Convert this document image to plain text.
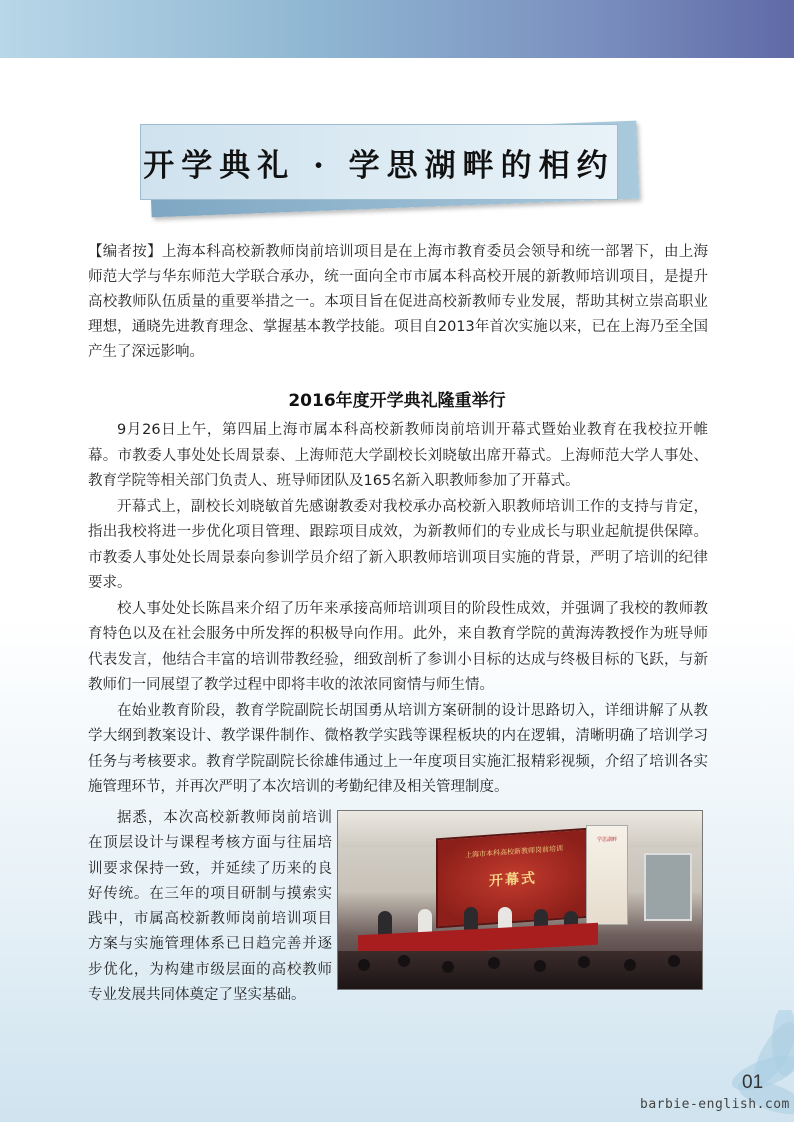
开学典礼 · 学思湖畔的相约

【编者按】上海本科高校新教师岗前培训项目是在上海市教育委员会领导和统一部署下，由上海师范大学与华东师范大学联合承办，统一面向全市市属本科高校开展的新教师培训项目，是提升高校教师队伍质量的重要举措之一。本项目旨在促进高校新教师专业发展，帮助其树立崇高职业理想，通晓先进教育理念、掌握基本教学技能。项目自2013年首次实施以来，已在上海乃至全国产生了深远影响。

2016年度开学典礼隆重举行

9月26日上午，第四届上海市属本科高校新教师岗前培训开幕式暨始业教育在我校拉开帷幕。市教委人事处处长周景泰、上海师范大学副校长刘晓敏出席开幕式。上海师范大学人事处、教育学院等相关部门负责人、班导师团队及165名新入职教师参加了开幕式。

开幕式上，副校长刘晓敏首先感谢教委对我校承办高校新入职教师培训工作的支持与肯定，指出我校将进一步优化项目管理、跟踪项目成效，为新教师们的专业成长与职业起航提供保障。市教委人事处处长周景泰向参训学员介绍了新入职教师培训项目实施的背景，严明了培训的纪律要求。

校人事处处长陈昌来介绍了历年来承接高师培训项目的阶段性成效，并强调了我校的教师教育特色以及在社会服务中所发挥的积极导向作用。此外，来自教育学院的黄海涛教授作为班导师代表发言，他结合丰富的培训带教经验，细致剖析了参训小目标的达成与终极目标的飞跃，与新教师们一同展望了教学过程中即将丰收的浓浓同窗情与师生情。

在始业教育阶段，教育学院副院长胡国勇从培训方案研制的设计思路切入，详细讲解了从教学大纲到教案设计、教学课件制作、微格教学实践等课程板块的内在逻辑，清晰明确了培训学习任务与考核要求。教育学院副院长徐雄伟通过上一年度项目实施汇报精彩视频，介绍了培训各实施管理环节，并再次严明了本次培训的考勤纪律及相关管理制度。

据悉，本次高校新教师岗前培训在顶层设计与课程考核方面与往届培训要求保持一致，并延续了历来的良好传统。在三年的项目研制与摸索实践中，市属高校新教师岗前培训项目方案与实施管理体系已日趋完善并逐步优化，为构建市级层面的高校教师专业发展共同体奠定了坚实基础。

上海市本科高校新教师岗前培训
开幕式
学思湖畔
01
barbie-english.com
